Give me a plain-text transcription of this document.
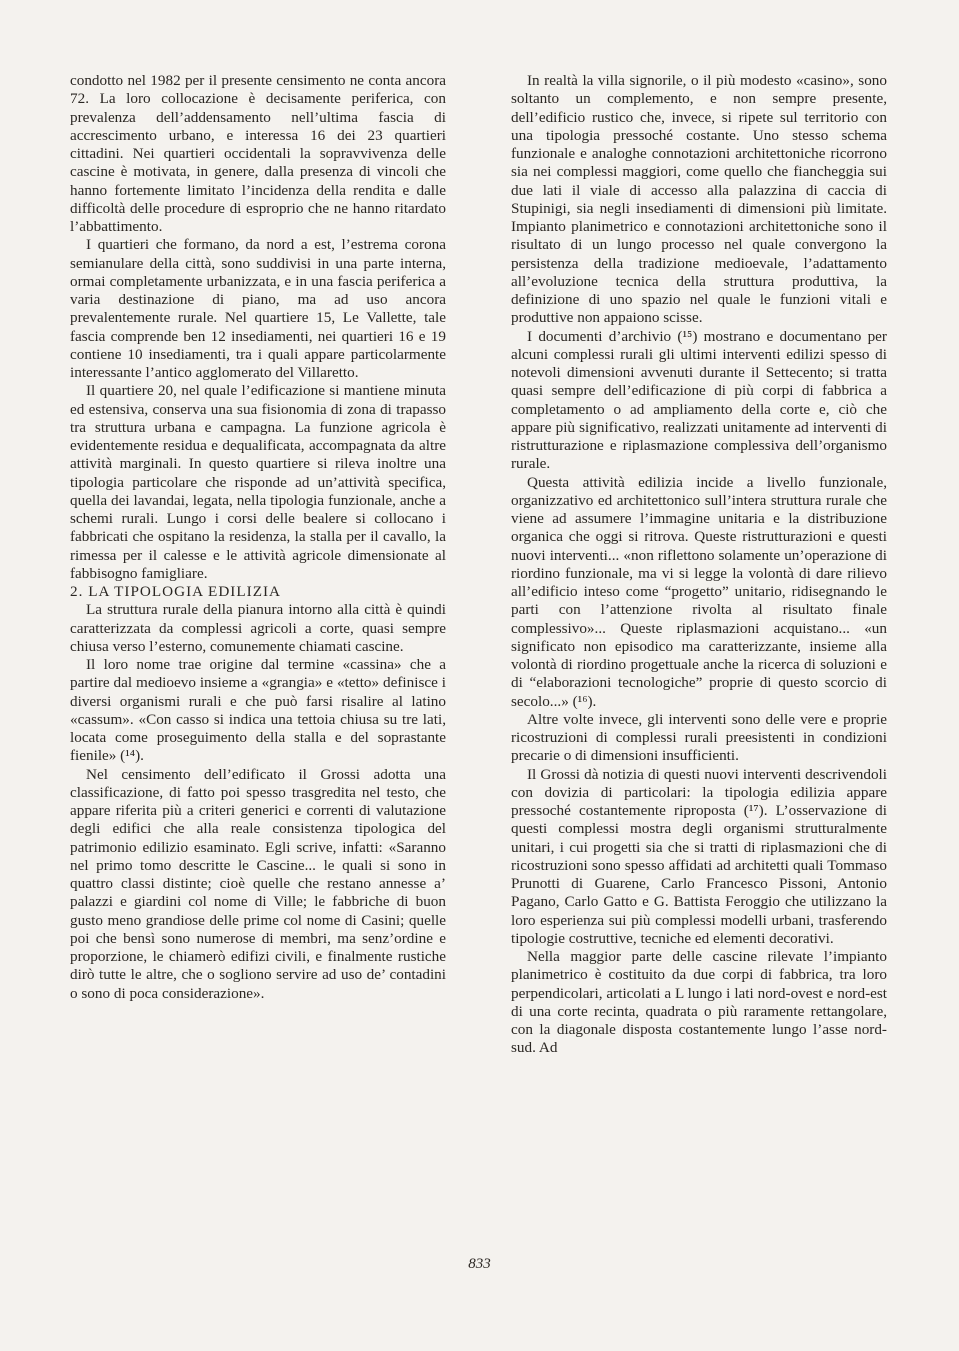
condotto nel 1982 per il presente censimento ne conta ancora 72. La loro collocazione è decisamente periferica, con prevalenza dell’addensamento nell’ultima fascia di accrescimento urbano, e interessa 16 dei 23 quartieri cittadini. Nei quartieri occidentali la sopravvivenza delle cascine è motivata, in genere, dalla presenza di vincoli che hanno fortemente limitato l’incidenza della rendita e dalle difficoltà delle procedure di esproprio che ne hanno ritardato l’abbattimento.

I quartieri che formano, da nord a est, l’estrema corona semianulare della città, sono suddivisi in una parte interna, ormai completamente urbanizzata, e in una fascia periferica a varia destinazione di piano, ma ad uso ancora prevalentemente rurale. Nel quartiere 15, Le Vallette, tale fascia comprende ben 12 insediamenti, nei quartieri 16 e 19 contiene 10 insediamenti, tra i quali appare particolarmente interessante l’antico agglomerato del Villaretto.

Il quartiere 20, nel quale l’edificazione si mantiene minuta ed estensiva, conserva una sua fisionomia di zona di trapasso tra struttura urbana e campagna. La funzione agricola è evidentemente residua e dequalificata, accompagnata da altre attività marginali. In questo quartiere si rileva inoltre una tipologia particolare che risponde ad un’attività specifica, quella dei lavandai, legata, nella tipologia funzionale, anche a schemi rurali. Lungo i corsi delle bealere si collocano i fabbricati che ospitano la residenza, la stalla per il cavallo, la rimessa per il calesse e le attività agricole dimensionate al fabbisogno famigliare.

2. LA TIPOLOGIA EDILIZIA

La struttura rurale della pianura intorno alla città è quindi caratterizzata da complessi agricoli a corte, quasi sempre chiusa verso l’esterno, comunemente chiamati cascine.

Il loro nome trae origine dal termine «cassina» che a partire dal medioevo insieme a «grangia» e «tetto» definisce i diversi organismi rurali e che può farsi risalire al latino «cassum». «Con casso si indica una tettoia chiusa su tre lati, locata come proseguimento della stalla e del soprastante fienile» (¹⁴).

Nel censimento dell’edificato il Grossi adotta una classificazione, di fatto poi spesso trasgredita nel testo, che appare riferita più a criteri generici e correnti di valutazione degli edifici che alla reale consistenza tipologica del patrimonio edilizio esaminato. Egli scrive, infatti: «Saranno nel primo tomo descritte le Cascine... le quali si sono in quattro classi distinte; cioè quelle che restano annesse a’ palazzi e giardini col nome di Ville; le fabbriche di buon gusto meno grandiose delle prime col nome di Casini; quelle poi che bensì sono numerose di membri, ma senz’ordine e proporzione, le chiamerò edifizi civili, e finalmente rustiche dirò tutte le altre, che o sogliono servire ad uso de’ contadini o sono di poca considerazione».

In realtà la villa signorile, o il più modesto «casino», sono soltanto un complemento, e non sempre presente, dell’edificio rustico che, invece, si ripete sul territorio con una tipologia pressoché costante. Uno stesso schema funzionale e analoghe connotazioni architettoniche ricorrono sia nei complessi maggiori, come quello che fiancheggia sui due lati il viale di accesso alla palazzina di caccia di Stupinigi, sia negli insediamenti di dimensioni più limitate. Impianto planimetrico e connotazioni architettoniche sono il risultato di un lungo processo nel quale convergono la persistenza della tradizione medioevale, l’adattamento all’evoluzione tecnica della struttura produttiva, la definizione di uno spazio nel quale le funzioni vitali e produttive non appaiono scisse.

I documenti d’archivio (¹⁵) mostrano e documentano per alcuni complessi rurali gli ultimi interventi edilizi spesso di notevoli dimensioni avvenuti durante il Settecento; si tratta quasi sempre dell’edificazione di più corpi di fabbrica a completamento o ad ampliamento della corte e, ciò che appare più significativo, realizzati unitamente ad interventi di ristrutturazione e riplasmazione complessiva dell’organismo rurale.

Questa attività edilizia incide a livello funzionale, organizzativo ed architettonico sull’intera struttura rurale che viene ad assumere l’immagine unitaria e la distribuzione organica che oggi si ritrova. Queste ristrutturazioni e questi nuovi interventi... «non riflettono solamente un’operazione di riordino funzionale, ma vi si legge la volontà di dare rilievo all’edificio inteso come “progetto” unitario, ridisegnando le parti con l’attenzione rivolta al risultato finale complessivo»... Queste riplasmazioni acquistano... «un significato non episodico ma caratterizzante, insieme alla volontà di riordino progettuale anche la ricerca di soluzioni e di “elaborazioni tecnologiche” proprie di questo scorcio di secolo...» (¹⁶).

Altre volte invece, gli interventi sono delle vere e proprie ricostruzioni di complessi rurali preesistenti in condizioni precarie o di dimensioni insufficienti.

Il Grossi dà notizia di questi nuovi interventi descrivendoli con dovizia di particolari: la tipologia edilizia appare pressoché costantemente riproposta (¹⁷). L’osservazione di questi complessi mostra degli organismi strutturalmente unitari, i cui progetti sia che si tratti di riplasmazioni che di ricostruzioni sono spesso affidati ad architetti quali Tommaso Prunotti di Guarene, Carlo Francesco Pissoni, Antonio Pagano, Carlo Gatto e G. Battista Feroggio che utilizzano la loro esperienza sui più complessi modelli urbani, trasferendo tipologie costruttive, tecniche ed elementi decorativi.

Nella maggior parte delle cascine rilevate l’impianto planimetrico è costituito da due corpi di fabbrica, tra loro perpendicolari, articolati a L lungo i lati nord-ovest e nord-est di una corte recinta, quadrata o più raramente rettangolare, con la diagonale disposta costantemente lungo l’asse nord-sud. Ad

833
